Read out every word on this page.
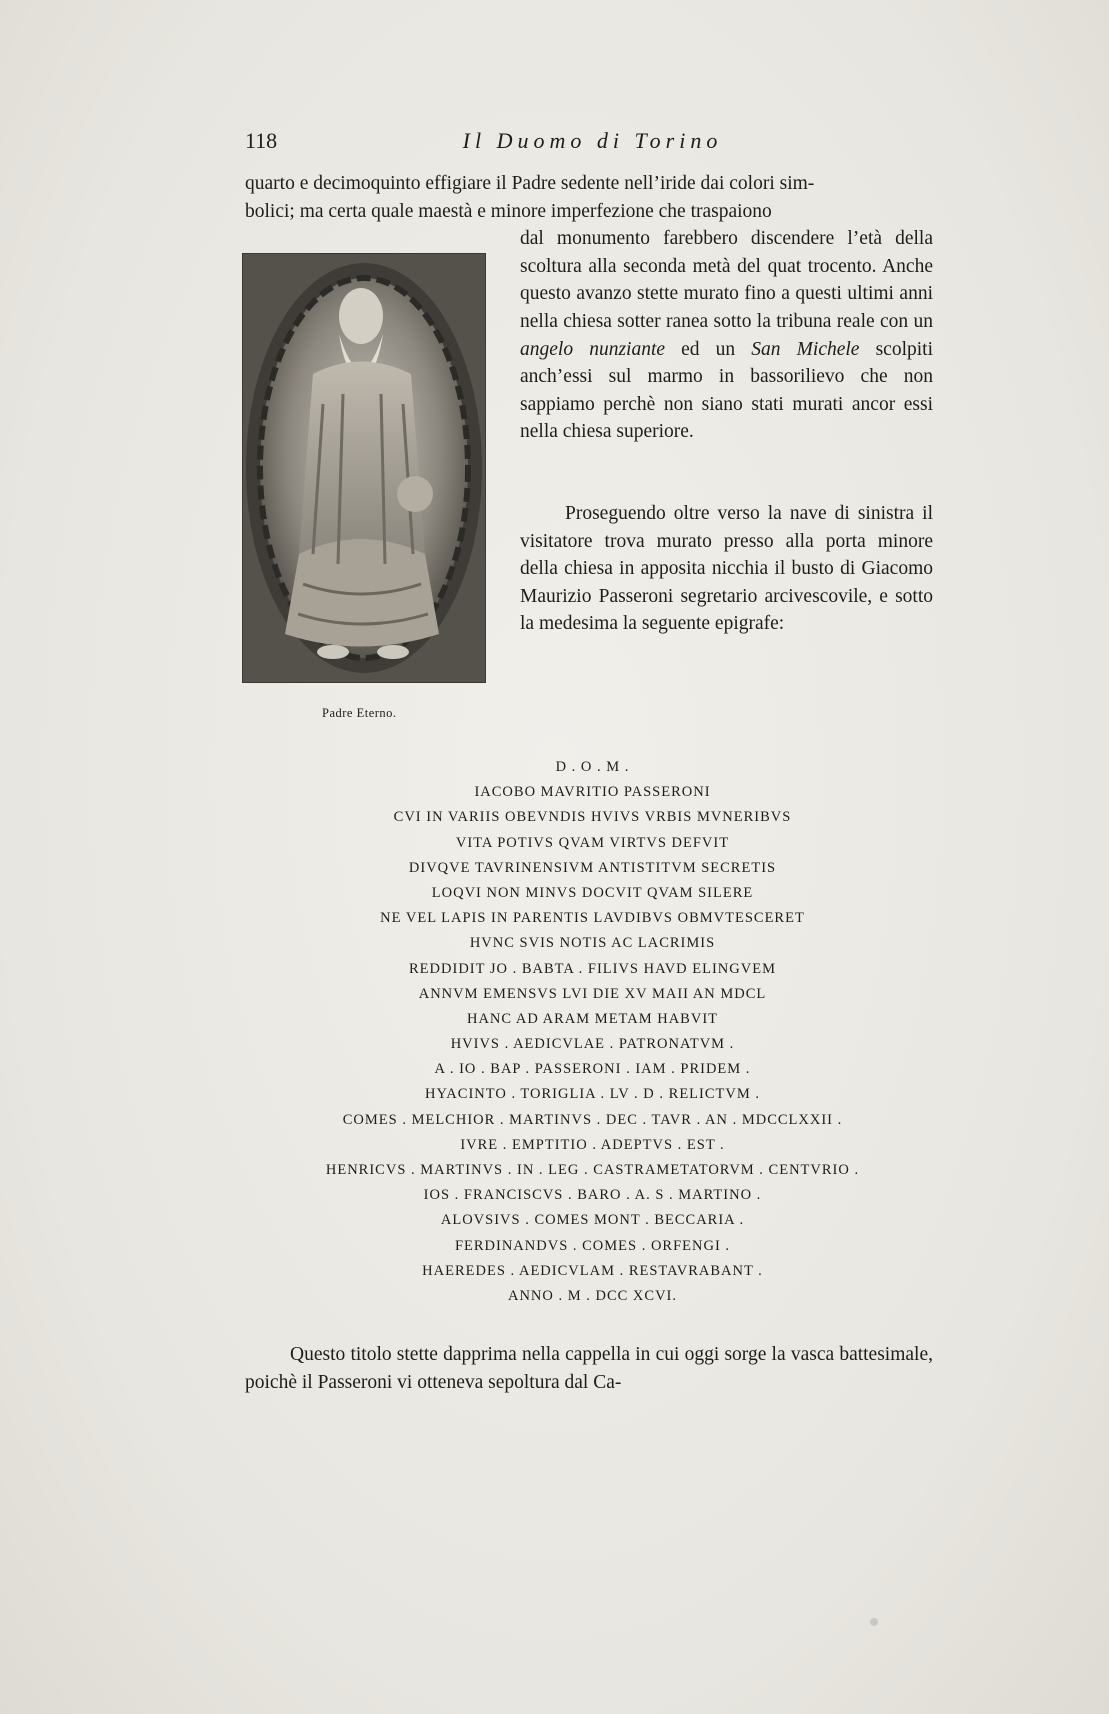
118	Il Duomo di Torino
quarto e decimoquinto effigiare il Padre sedente nell’iride dai colori sim-
bolici; ma certa quale maestà e minore imperfezione che traspaiono
dal monumento farebbero discendere l’età della scoltura alla seconda metà del quat trocento. Anche questo avanzo stette murato fino a questi ultimi anni nella chiesa sotter ranea sotto la tribuna reale con un angelo nunziante ed un San Michele scolpiti anch’essi sul marmo in bassorilievo che non sappiamo perchè non siano stati murati ancor essi nella chiesa superiore.
Padre Eterno.
Proseguendo oltre verso la nave di sinistra il visitatore trova murato presso alla porta minore della chiesa in apposita nicchia il busto di Giacomo Maurizio Passeroni segretario arcivescovile, e sotto la medesima la seguente epigrafe:
D . O . M .
IACOBO MAVRITIO PASSERONI
CVI IN VARIIS OBEVNDIS HVIVS VRBIS MVNERIBVS
VITA POTIVS QVAM VIRTVS DEFVIT
DIVQVE TAVRINENSIVM ANTISTITVM SECRETIS
LOQVI NON MINVS DOCVIT QVAM SILERE
NE VEL LAPIS IN PARENTIS LAVDIBVS OBMVTESCERET
HVNC SVIS NOTIS AC LACRIMIS
REDDIDIT JO . BABTA . FILIVS HAVD ELINGVEM
ANNVM EMENSVS LVI DIE XV MAII AN MDCL
HANC AD ARAM METAM HABVIT
HVIVS . AEDICVLAE . PATRONATVM .
A . IO . BAP . PASSERONI . IAM . PRIDEM .
HYACINTO . TORIGLIA . LV . D . RELICTVM .
COMES . MELCHIOR . MARTINVS . DEC . TAVR . AN . MDCCLXXII .
IVRE . EMPTITIO . ADEPTVS . EST .
HENRICVS . MARTINVS . IN . LEG . CASTRAMETATORVM . CENTVRIO .
IOS . FRANCISCVS . BARO . A. S . MARTINO .
ALOVSIVS . COMES MONT . BECCARIA .
FERDINANDVS . COMES . ORFENGI .
HAEREDES . AEDICVLAM . RESTAVRABANT .
ANNO . M . DCC XCVI.
Questo titolo stette dapprima nella cappella in cui oggi sorge la vasca battesimale, poichè il Passeroni vi otteneva sepoltura dal Ca-
